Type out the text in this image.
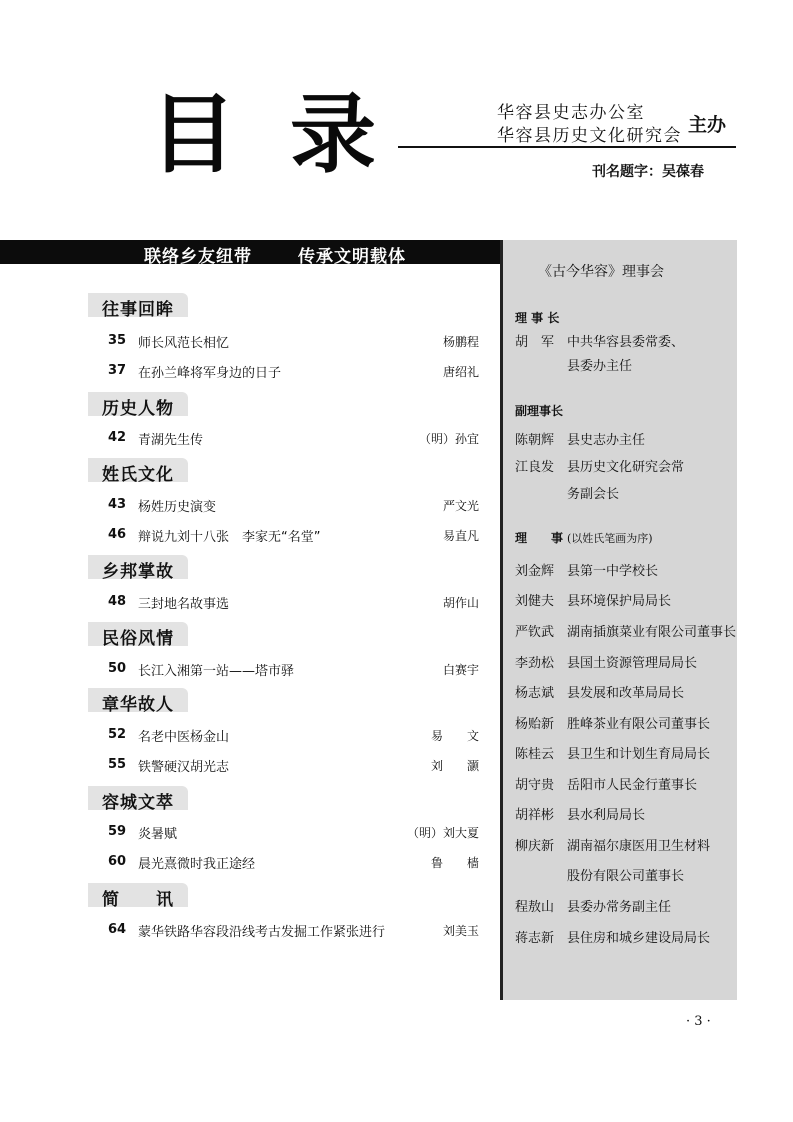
目 录	华容县史志办公室
华容县历史文化研究会 主办
刊名题字：吴葆春
联络乡友纽带	传承文明载体
往事回眸
35 师长风范长相忆	杨鹏程
37 在孙兰峰将军身边的日子	唐绍礼
历史人物
42 青湖先生传	（明）孙宜
姓氏文化
43 杨姓历史演变	严文光
46 辩说九刘十八张　李家无“名堂”	易直凡
乡邦掌故
48 三封地名故事选	胡作山
民俗风情
50 长江入湘第一站——塔市驿	白赛宇
章华故人
52 名老中医杨金山	易　　文
55 铁警硬汉胡光志	刘　　灏
容城文萃
59 炎暑赋	（明）刘大夏
60 晨光熹微时我正途经	鲁　　樯
简　　讯
64 蒙华铁路华容段沿线考古发掘工作紧张进行	刘美玉
《古今华容》理事会
理 事 长
胡　军 中共华容县委常委、
县委办主任
副理事长
陈朝辉 县史志办主任
江良发 县历史文化研究会常
务副会长
理　　事 (以姓氏笔画为序)
刘金辉 县第一中学校长
刘健夫 县环境保护局局长
严钦武 湖南插旗菜业有限公司董事长
李劲松 县国土资源管理局局长
杨志斌 县发展和改革局局长
杨贻新 胜峰茶业有限公司董事长
陈桂云 县卫生和计划生育局局长
胡守贵 岳阳市人民金行董事长
胡祥彬 县水利局局长
柳庆新 湖南福尔康医用卫生材料
股份有限公司董事长
程敖山 县委办常务副主任
蒋志新 县住房和城乡建设局局长
· 3 ·
